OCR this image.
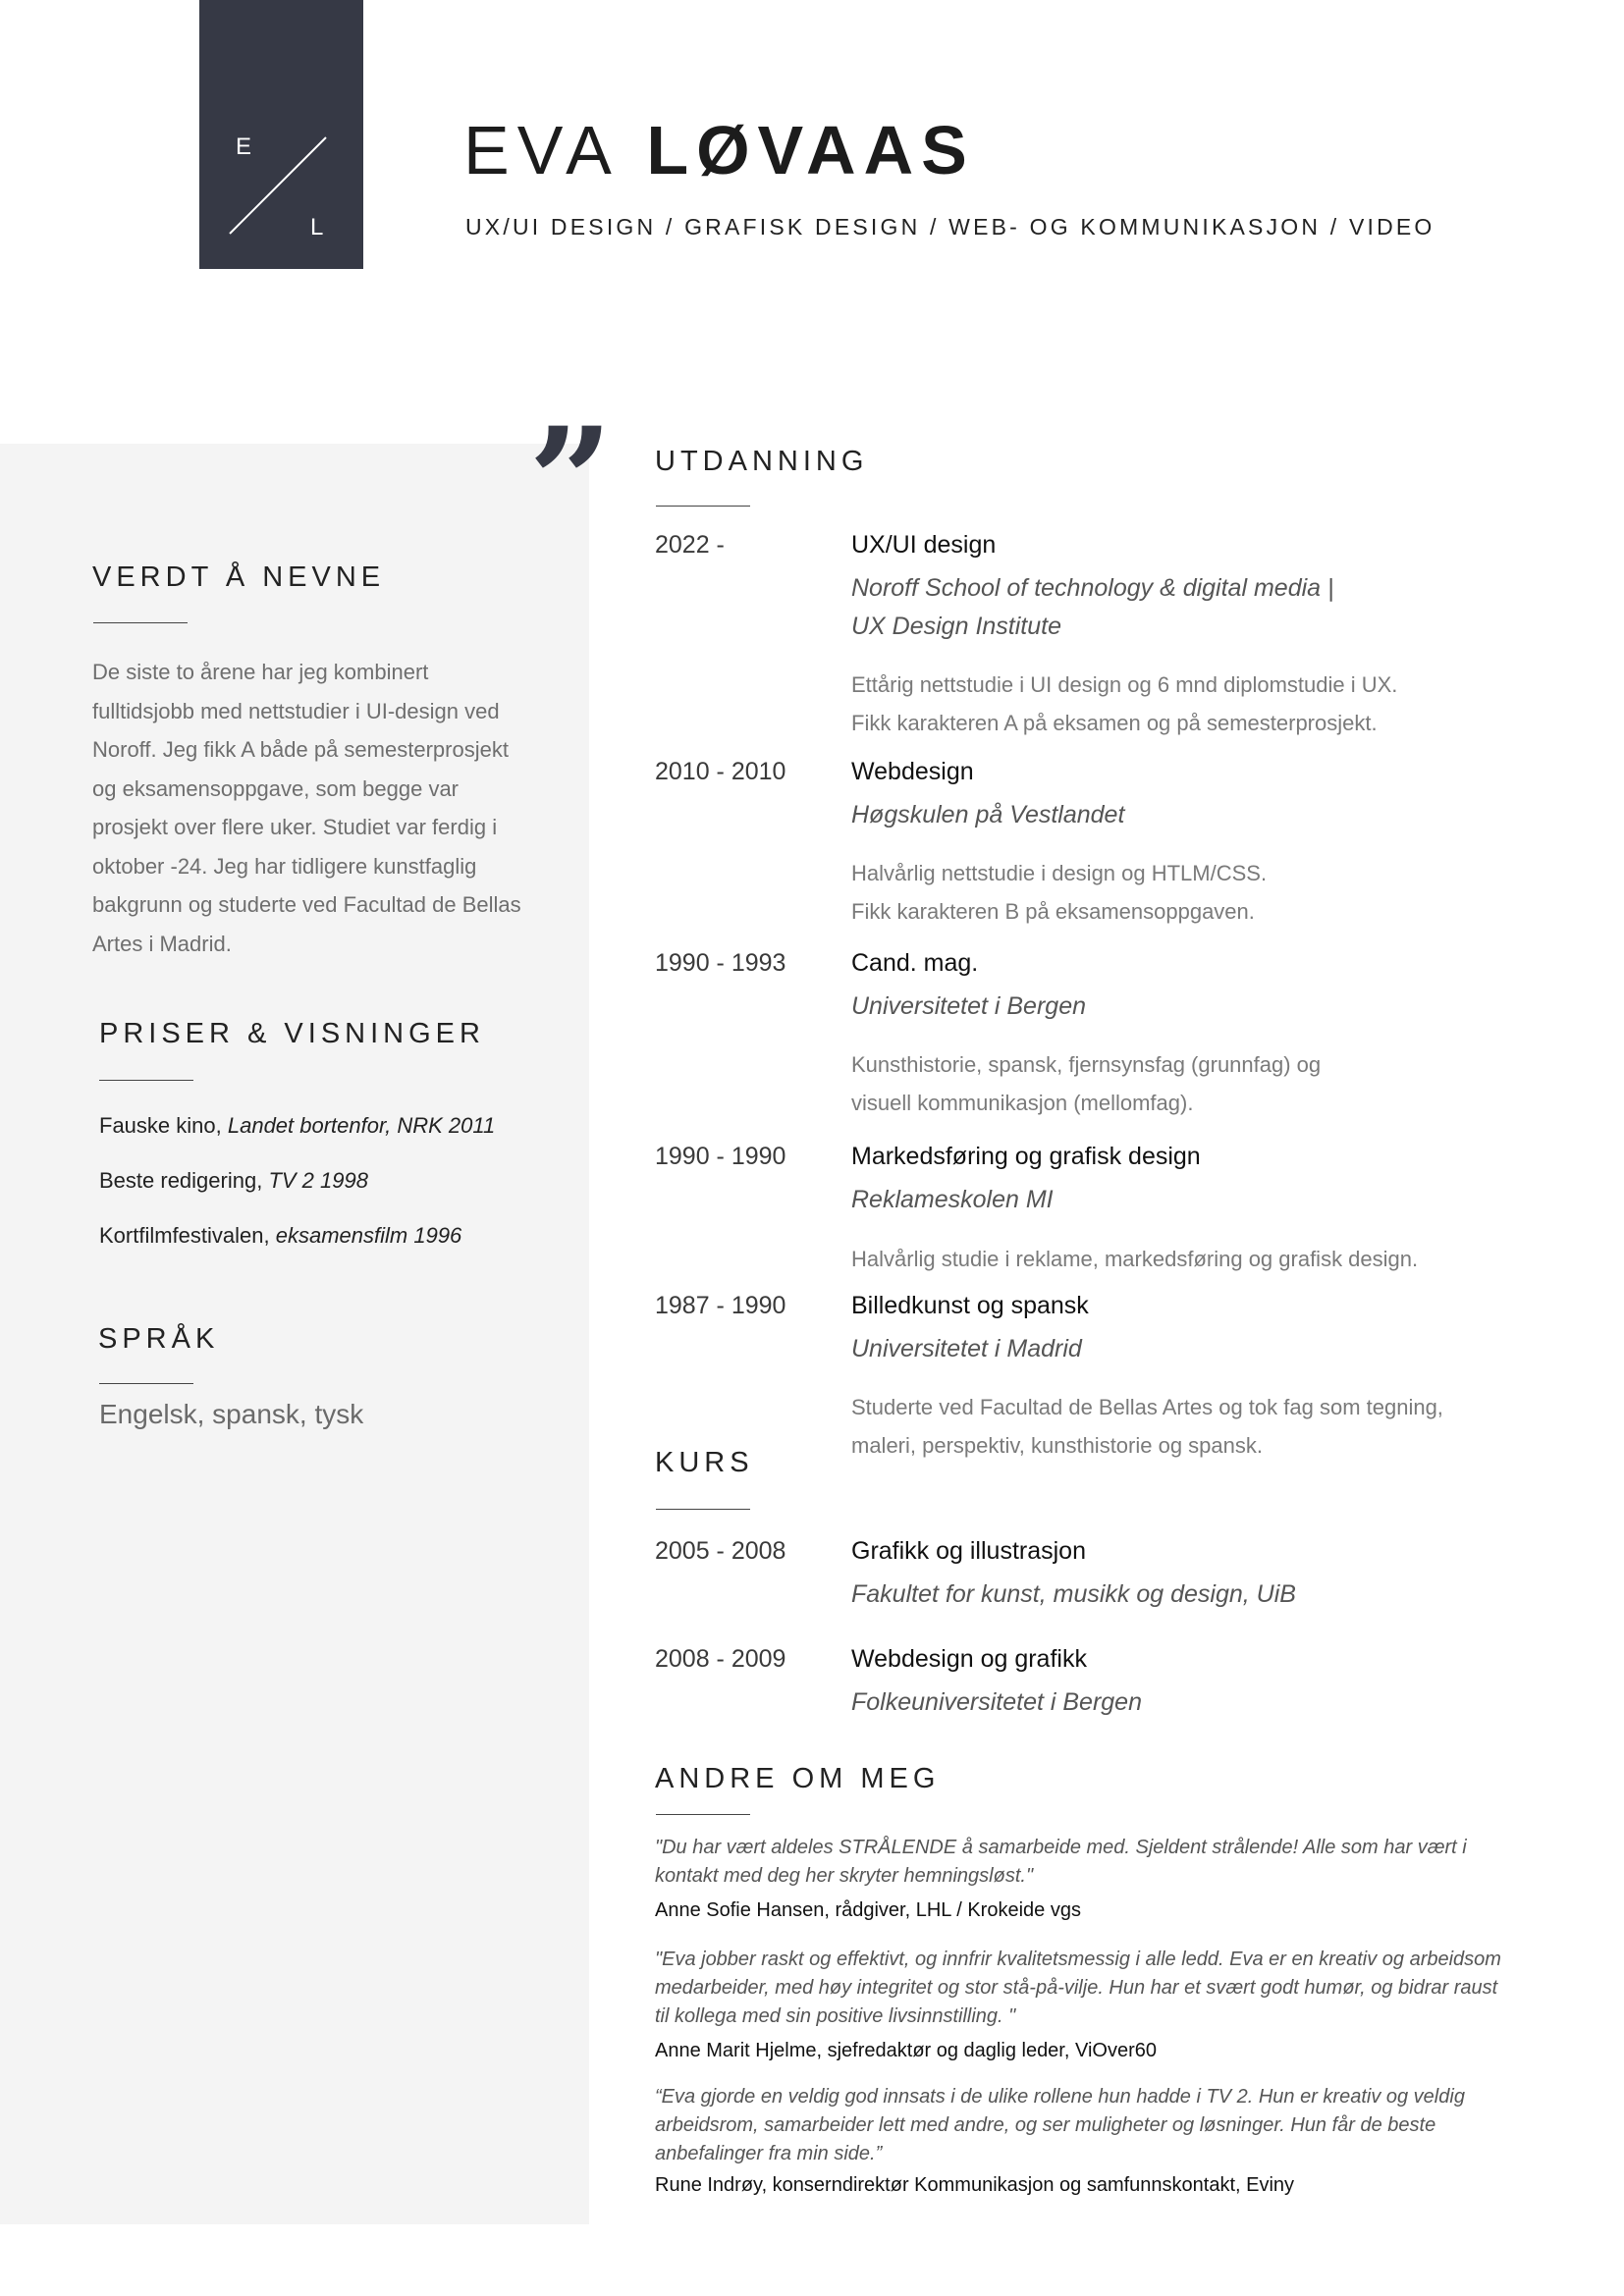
E
L
EVA LØVAAS
UX/UI DESIGN / GRAFISK DESIGN / WEB- OG KOMMUNIKASJON / VIDEO
”
VERDT Å NEVNE
De siste to årene har jeg kombinert
fulltidsjobb med nettstudier i UI-design ved
Noroff. Jeg fikk A både på semesterprosjekt
og eksamensoppgave, som begge var
prosjekt over flere uker. Studiet var ferdig i
oktober -24. Jeg har tidligere kunstfaglig
bakgrunn og studerte ved Facultad de Bellas
Artes i Madrid.
PRISER & VISNINGER
Fauske kino, Landet bortenfor, NRK 2011
Beste redigering, TV 2 1998
Kortfilmfestivalen, eksamensfilm 1996
SPRÅK
Engelsk, spansk, tysk
UTDANNING
2022 -	UX/UI design
Noroff School of technology & digital media |
UX Design Institute
Ettårig nettstudie i UI design og 6 mnd diplomstudie i UX.
Fikk karakteren A på eksamen og på semesterprosjekt.
2010 - 2010	Webdesign
Høgskulen på Vestlandet
Halvårlig nettstudie i design og HTLM/CSS.
Fikk karakteren B på eksamensoppgaven.
1990 - 1993	Cand. mag.
Universitetet i Bergen
Kunsthistorie, spansk, fjernsynsfag (grunnfag) og
visuell kommunikasjon (mellomfag).
1990 - 1990	Markedsføring og grafisk design
Reklameskolen MI
Halvårlig studie i reklame, markedsføring og grafisk design.
1987 - 1990	Billedkunst og spansk
Universitetet i Madrid
Studerte ved Facultad de Bellas Artes og tok fag som tegning,
maleri, perspektiv, kunsthistorie og spansk.
KURS
2005 - 2008	Grafikk og illustrasjon
Fakultet for kunst, musikk og design, UiB
2008 - 2009	Webdesign og grafikk
Folkeuniversitetet i Bergen
ANDRE OM MEG
"Du har vært aldeles STRÅLENDE å samarbeide med. Sjeldent strålende! Alle som har vært i
kontakt med deg her skryter hemningsløst."
Anne Sofie Hansen, rådgiver, LHL / Krokeide vgs
"Eva jobber raskt og effektivt, og innfrir kvalitetsmessig i alle ledd. Eva er en kreativ og arbeidsom
medarbeider, med høy integritet og stor stå-på-vilje. Hun har et svært godt humør, og bidrar raust
til kollega med sin positive livsinnstilling. "
Anne Marit Hjelme, sjefredaktør og daglig leder, ViOver60
“Eva gjorde en veldig god innsats i de ulike rollene hun hadde i TV 2. Hun er kreativ og veldig
arbeidsrom, samarbeider lett med andre, og ser muligheter og løsninger. Hun får de beste
anbefalinger fra min side.”
Rune Indrøy, konserndirektør Kommunikasjon og samfunnskontakt, Eviny
